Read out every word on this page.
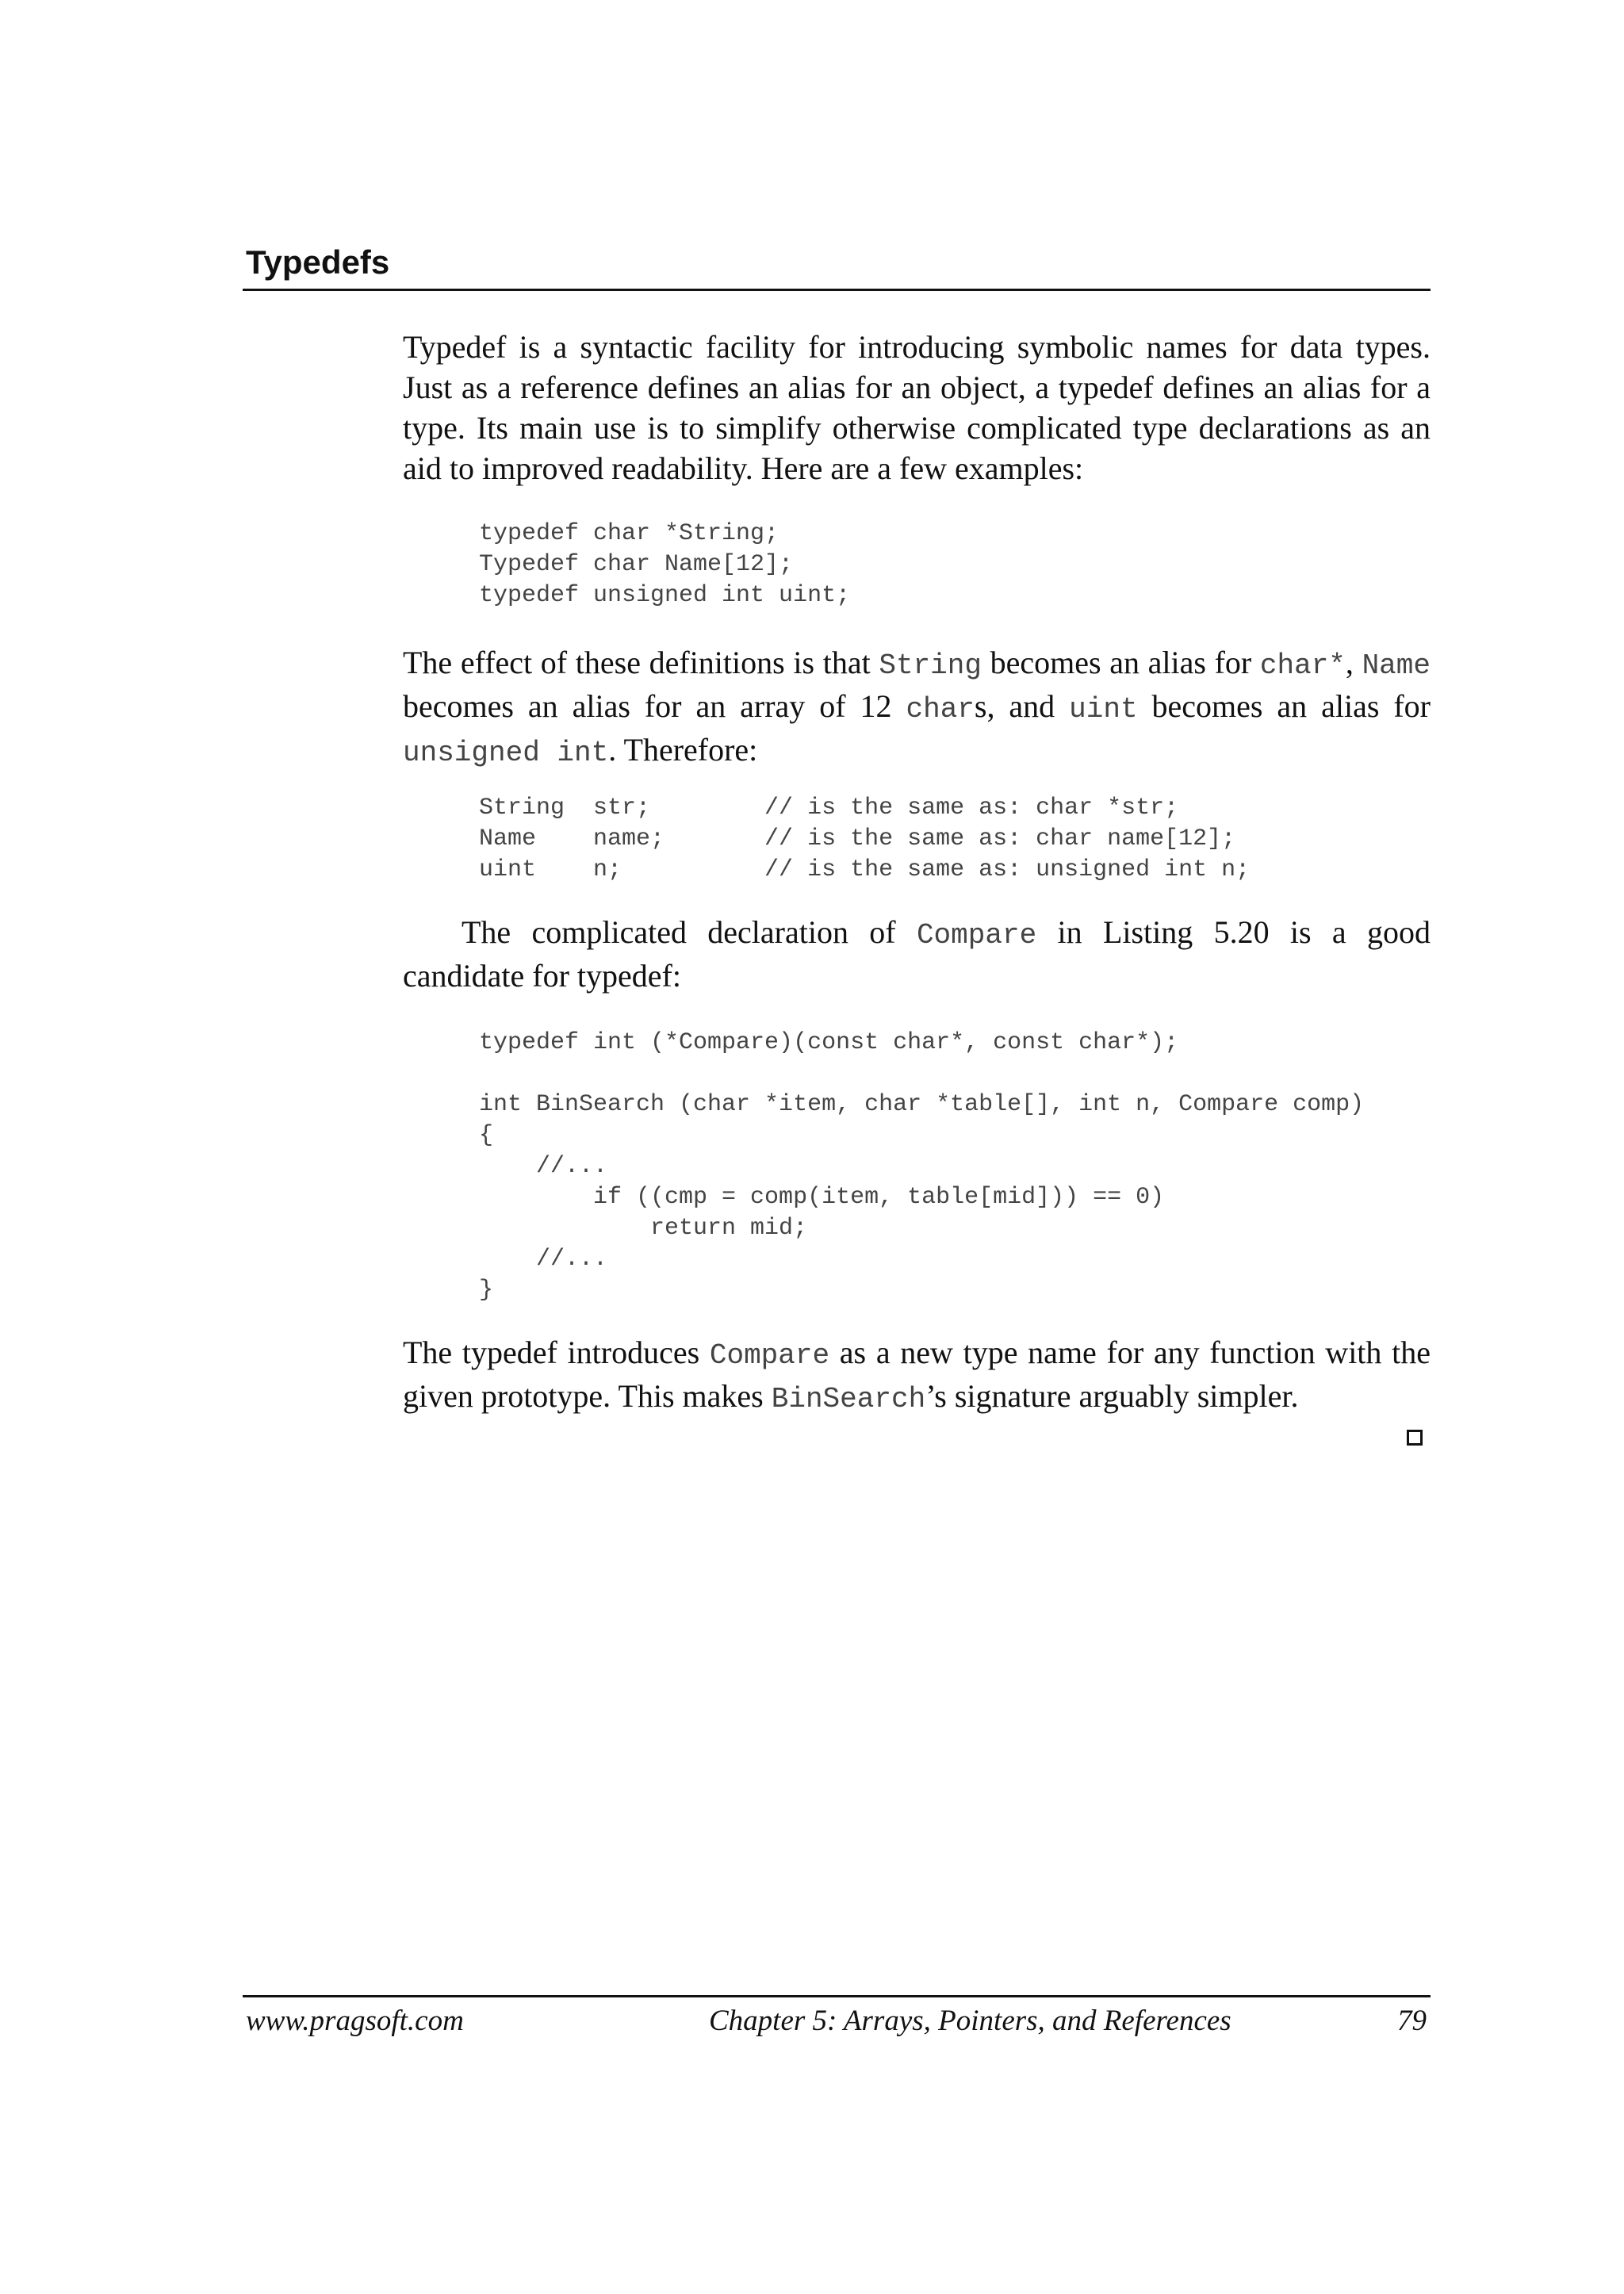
Typedefs

Typedef is a syntactic facility for introducing symbolic names for data types. Just as a reference defines an alias for an object, a typedef defines an alias for a type. Its main use is to simplify otherwise complicated type declarations as an aid to improved readability. Here are a few examples:

typedef char *String;
Typedef char Name[12];
typedef unsigned int uint;

The effect of these definitions is that String becomes an alias for char*, Name becomes an alias for an array of 12 chars, and uint becomes an alias for unsigned int. Therefore:

String  str;        // is the same as: char *str;
Name    name;       // is the same as: char name[12];
uint    n;          // is the same as: unsigned int n;

The complicated declaration of Compare in Listing 5.20 is a good candidate for typedef:

typedef int (*Compare)(const char*, const char*);

int BinSearch (char *item, char *table[], int n, Compare comp)
{
//...
if ((cmp = comp(item, table[mid])) == 0)
return mid;
//...
}

The typedef introduces Compare as a new type name for any function with the given prototype. This makes BinSearch’s signature arguably simpler.

www.pragsoft.com	Chapter 5: Arrays, Pointers, and References	79
